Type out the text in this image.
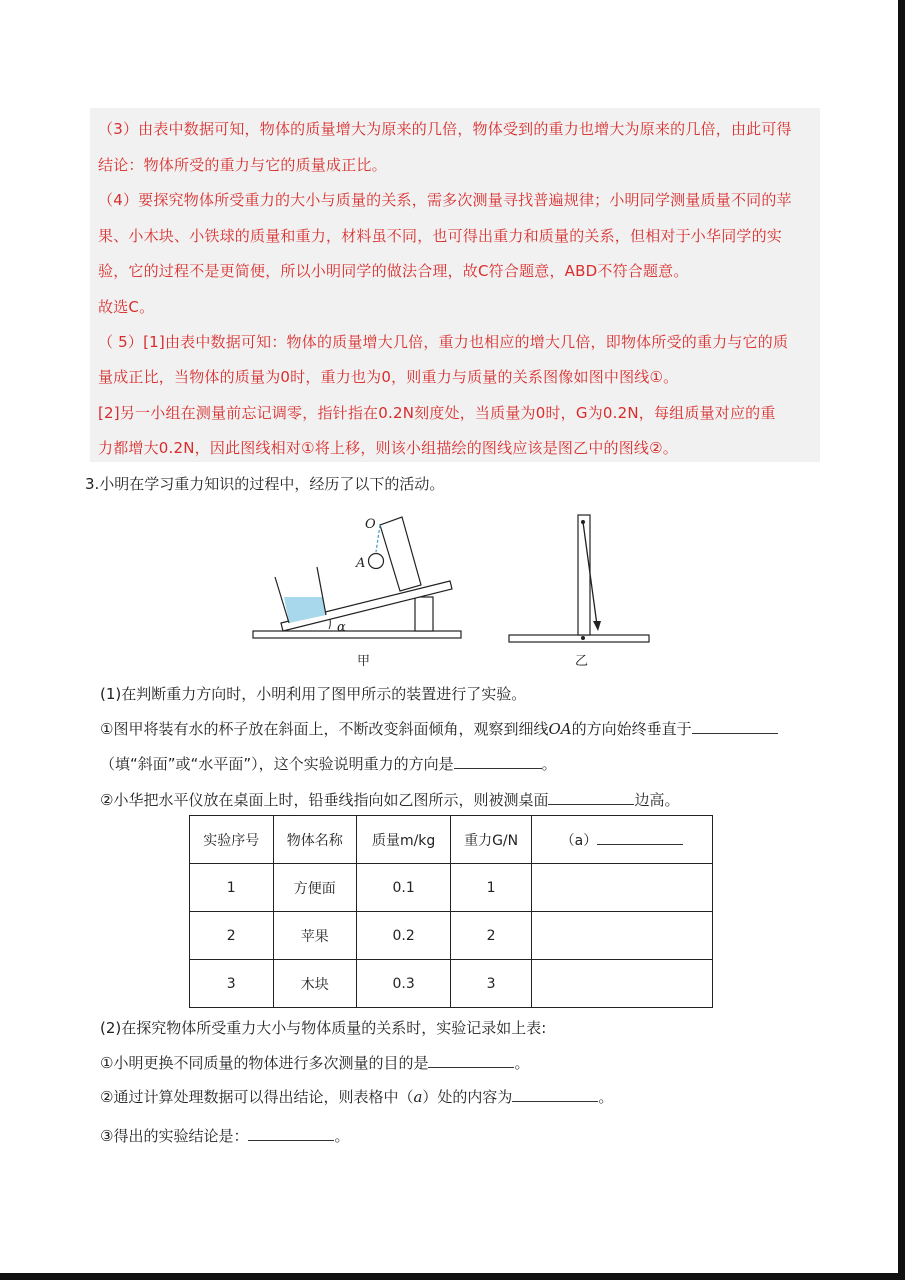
（3）由表中数据可知，物体的质量增大为原来的几倍，物体受到的重力也增大为原来的几倍，由此可得
结论：物体所受的重力与它的质量成正比。
（4）要探究物体所受重力的大小与质量的关系，需多次测量寻找普遍规律；小明同学测量质量不同的苹
果、小木块、小铁球的质量和重力，材料虽不同，也可得出重力和质量的关系，但相对于小华同学的实
验，它的过程不是更简便，所以小明同学的做法合理，故C符合题意，ABD不符合题意。
故选C。
（ 5）[1]由表中数据可知：物体的质量增大几倍，重力也相应的增大几倍，即物体所受的重力与它的质
量成正比，当物体的质量为0时，重力也为0，则重力与质量的关系图像如图中图线①。
[2]另一小组在测量前忘记调零，指针指在0.2N刻度处，当质量为0时，G为0.2N，每组质量对应的重
力都增大0.2N，因此图线相对①将上移，则该小组描绘的图线应该是图乙中的图线②。
3.小明在学习重力知识的过程中，经历了以下的活动。
α
O
A
甲	乙
(1)在判断重力方向时，小明利用了图甲所示的装置进行了实验。
①图甲将装有水的杯子放在斜面上，不断改变斜面倾角，观察到细线OA的方向始终垂直于
（填“斜面”或“水平面”），这个实验说明重力的方向是	。
②小华把水平仪放在桌面上时，铅垂线指向如乙图所示，则被测桌面	边高。
实验序号	物体名称	质量m/kg	重力G/N	（a）
1	方便面	0.1	1	
2	苹果	0.2	2	
3	木块	0.3	3	
(2)在探究物体所受重力大小与物体质量的关系时，实验记录如上表:
①小明更换不同质量的物体进行多次测量的目的是	。
②通过计算处理数据可以得出结论，则表格中（a）处的内容为	。
③得出的实验结论是：	。
